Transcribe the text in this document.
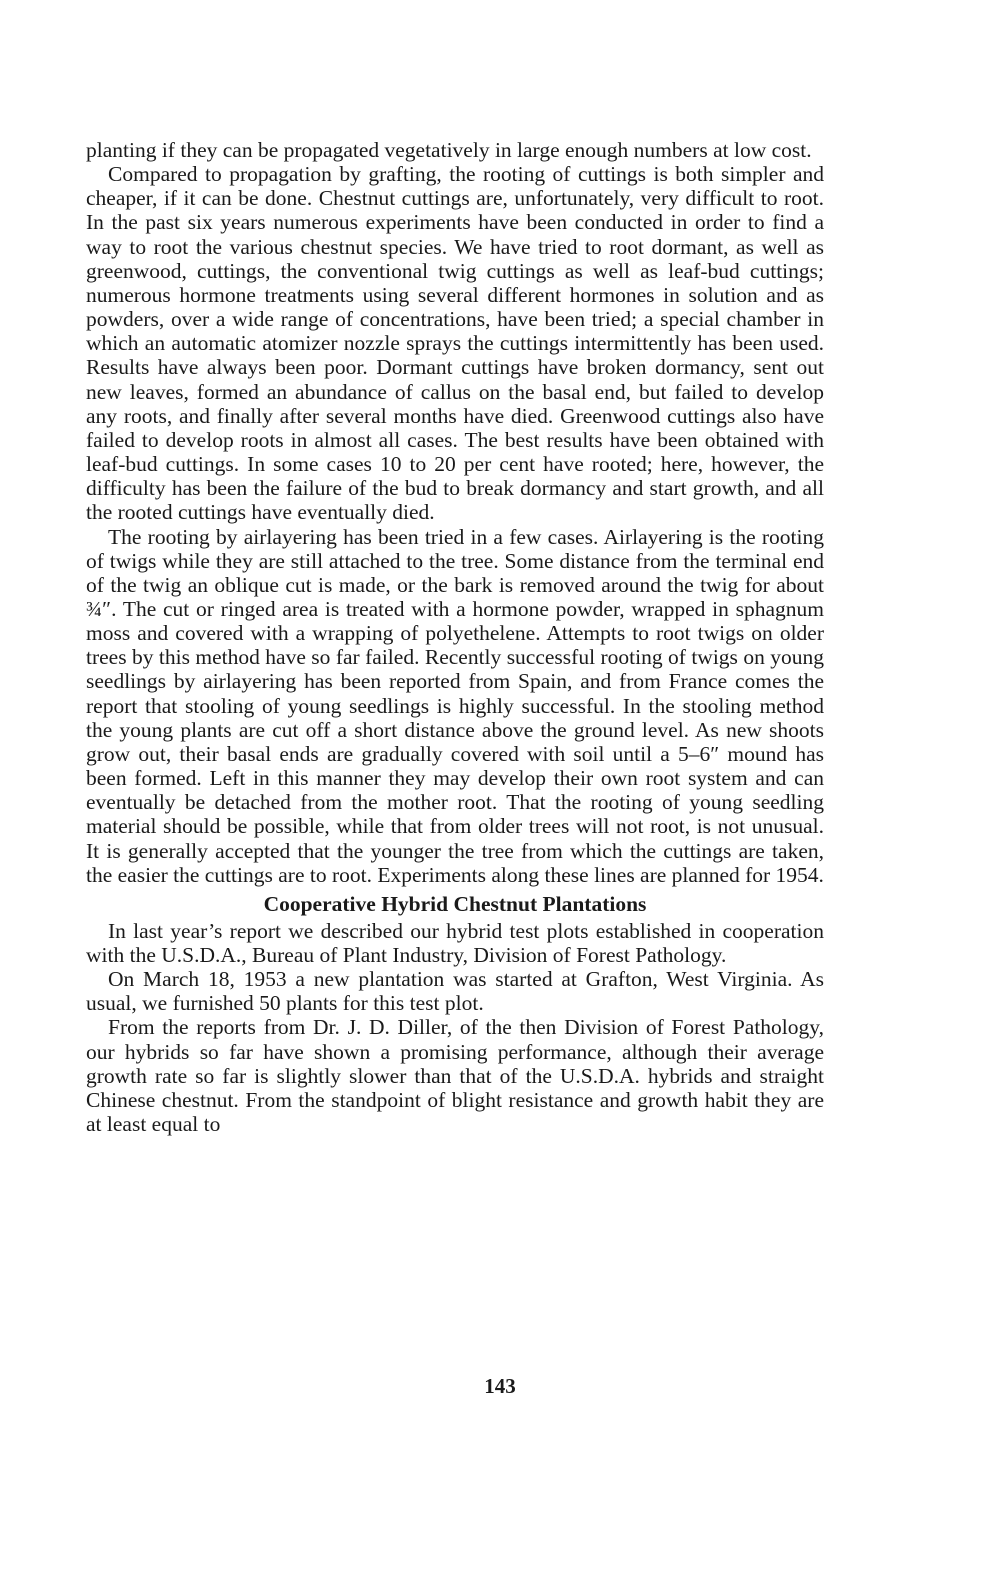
planting if they can be propagated vegetatively in large enough numbers at low cost.

Compared to propagation by grafting, the rooting of cuttings is both simpler and cheaper, if it can be done. Chestnut cuttings are, unfortunately, very difficult to root. In the past six years numerous experiments have been conducted in order to find a way to root the various chestnut species. We have tried to root dormant, as well as greenwood, cuttings, the conventional twig cuttings as well as leaf-bud cuttings; numerous hormone treatments using several different hormones in solution and as powders, over a wide range of concentrations, have been tried; a special chamber in which an automatic atomizer nozzle sprays the cuttings intermittently has been used. Results have always been poor. Dormant cuttings have broken dormancy, sent out new leaves, formed an abundance of callus on the basal end, but failed to develop any roots, and finally after several months have died. Greenwood cuttings also have failed to develop roots in almost all cases. The best results have been obtained with leaf-bud cuttings. In some cases 10 to 20 per cent have rooted; here, however, the difficulty has been the failure of the bud to break dormancy and start growth, and all the rooted cuttings have eventually died.

The rooting by airlayering has been tried in a few cases. Airlayering is the rooting of twigs while they are still attached to the tree. Some distance from the terminal end of the twig an oblique cut is made, or the bark is removed around the twig for about ¾″. The cut or ringed area is treated with a hormone powder, wrapped in sphagnum moss and covered with a wrapping of polyethelene. Attempts to root twigs on older trees by this method have so far failed. Recently successful rooting of twigs on young seedlings by airlayering has been reported from Spain, and from France comes the report that stooling of young seedlings is highly successful. In the stooling method the young plants are cut off a short distance above the ground level. As new shoots grow out, their basal ends are gradually covered with soil until a 5–6″ mound has been formed. Left in this manner they may develop their own root system and can eventually be detached from the mother root. That the rooting of young seedling material should be possible, while that from older trees will not root, is not unusual. It is generally accepted that the younger the tree from which the cuttings are taken, the easier the cuttings are to root. Experiments along these lines are planned for 1954.

Cooperative Hybrid Chestnut Plantations

In last year’s report we described our hybrid test plots established in cooperation with the U.S.D.A., Bureau of Plant Industry, Division of Forest Pathology.

On March 18, 1953 a new plantation was started at Grafton, West Virginia. As usual, we furnished 50 plants for this test plot.

From the reports from Dr. J. D. Diller, of the then Division of Forest Pathology, our hybrids so far have shown a promising performance, although their average growth rate so far is slightly slower than that of the U.S.D.A. hybrids and straight Chinese chestnut. From the standpoint of blight resistance and growth habit they are at least equal to

143
